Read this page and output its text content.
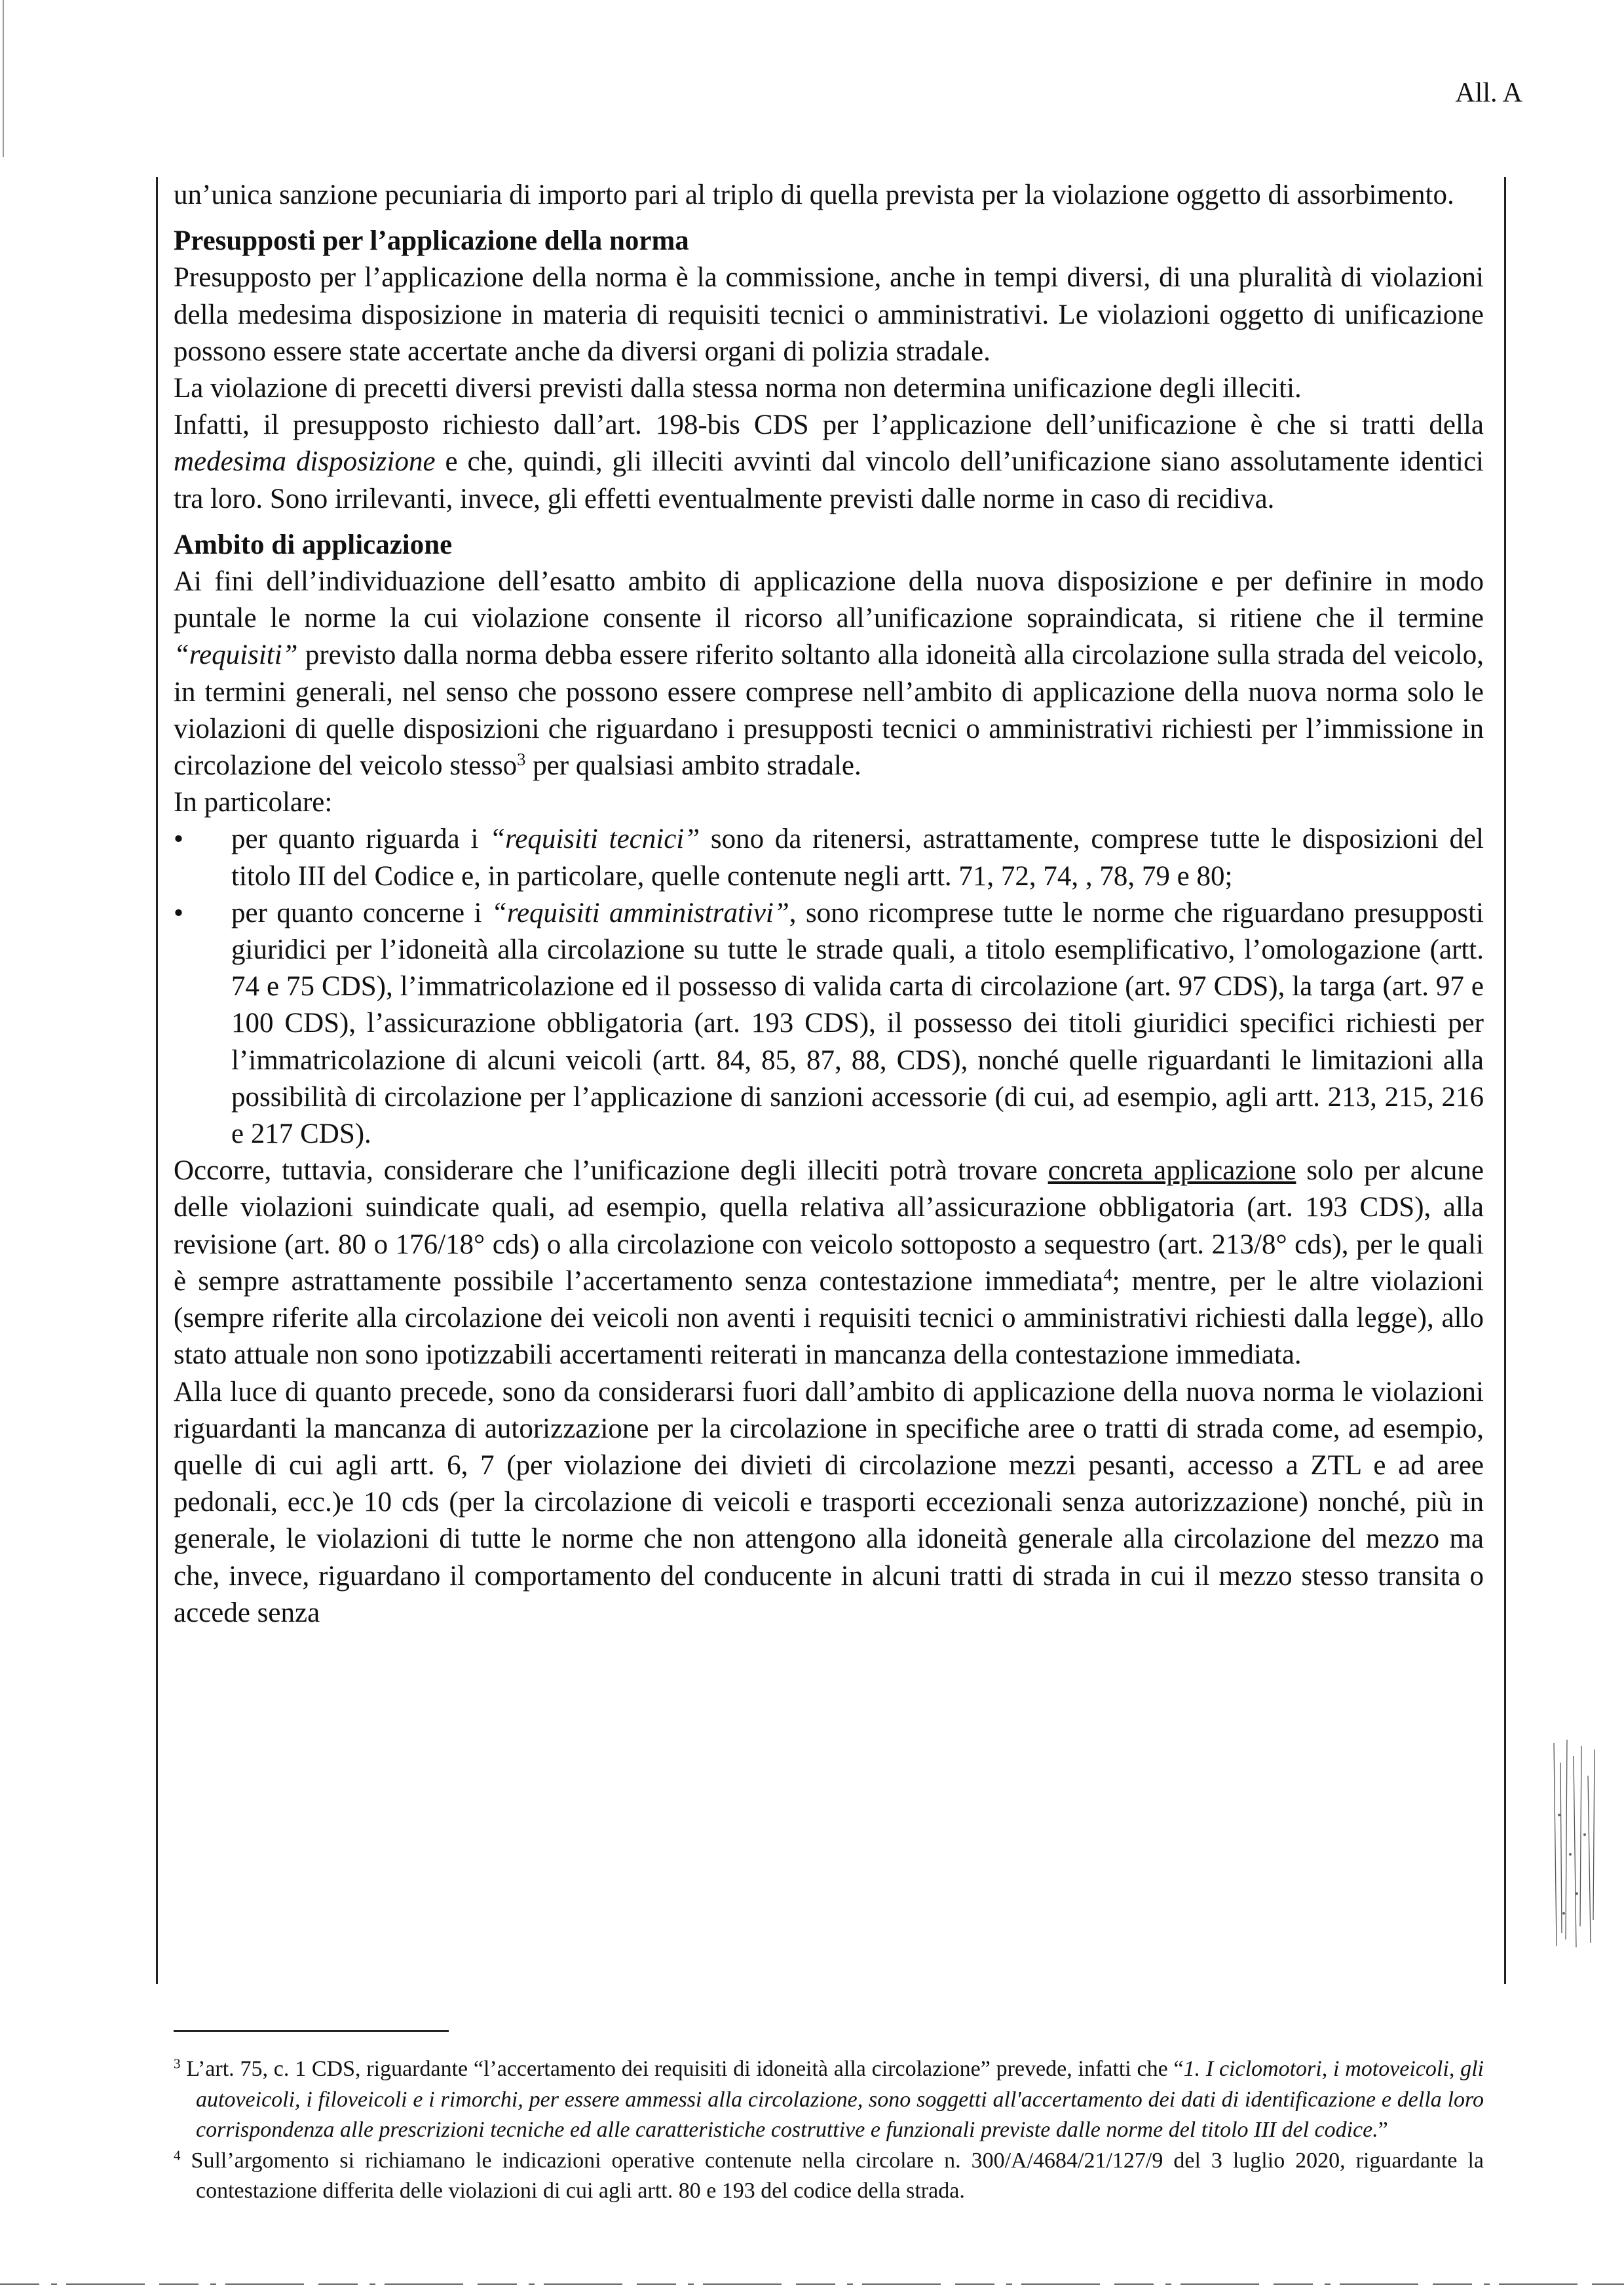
All. A

un’unica sanzione pecuniaria di importo pari al triplo di quella prevista per la violazione oggetto di assorbimento.

Presupposti per l’applicazione della norma

Presupposto per l’applicazione della norma è la commissione, anche in tempi diversi, di una pluralità di violazioni della medesima disposizione in materia di requisiti tecnici o amministrativi. Le violazioni oggetto di unificazione possono essere state accertate anche da diversi organi di polizia stradale.

La violazione di precetti diversi previsti dalla stessa norma non determina unificazione degli illeciti.

Infatti, il presupposto richiesto dall’art. 198-bis CDS per l’applicazione dell’unificazione è che si tratti della medesima disposizione e che, quindi, gli illeciti avvinti dal vincolo dell’unificazione siano assolutamente identici tra loro. Sono irrilevanti, invece, gli effetti eventualmente previsti dalle norme in caso di recidiva.

Ambito di applicazione

Ai fini dell’individuazione dell’esatto ambito di applicazione della nuova disposizione e per definire in modo puntale le norme la cui violazione consente il ricorso all’unificazione sopraindicata, si ritiene che il termine “requisiti” previsto dalla norma debba essere riferito soltanto alla idoneità alla circolazione sulla strada del veicolo, in termini generali, nel senso che possono essere comprese nell’ambito di applicazione della nuova norma solo le violazioni di quelle disposizioni che riguardano i presupposti tecnici o amministrativi richiesti per l’immissione in circolazione del veicolo stesso$^3$ per qualsiasi ambito stradale.

In particolare:

• per quanto riguarda i “requisiti tecnici” sono da ritenersi, astrattamente, comprese tutte le disposizioni del titolo III del Codice e, in particolare, quelle contenute negli artt. 71, 72, 74, , 78, 79 e 80;
• per quanto concerne i “requisiti amministrativi”, sono ricomprese tutte le norme che riguardano presupposti giuridici per l’idoneità alla circolazione su tutte le strade quali, a titolo esemplificativo, l’omologazione (artt. 74 e 75 CDS), l’immatricolazione ed il possesso di valida carta di circolazione (art. 97 CDS), la targa (art. 97 e 100 CDS), l’assicurazione obbligatoria (art. 193 CDS), il possesso dei titoli giuridici specifici richiesti per l’immatricolazione di alcuni veicoli (artt. 84, 85, 87, 88, CDS), nonché quelle riguardanti le limitazioni alla possibilità di circolazione per l’applicazione di sanzioni accessorie (di cui, ad esempio, agli artt. 213, 215, 216 e 217 CDS).

Occorre, tuttavia, considerare che l’unificazione degli illeciti potrà trovare concreta applicazione solo per alcune delle violazioni suindicate quali, ad esempio, quella relativa all’assicurazione obbligatoria (art. 193 CDS), alla revisione (art. 80 o 176/18° cds) o alla circolazione con veicolo sottoposto a sequestro (art. 213/8° cds), per le quali è sempre astrattamente possibile l’accertamento senza contestazione immediata$^4$; mentre, per le altre violazioni (sempre riferite alla circolazione dei veicoli non aventi i requisiti tecnici o amministrativi richiesti dalla legge), allo stato attuale non sono ipotizzabili accertamenti reiterati in mancanza della contestazione immediata.

Alla luce di quanto precede, sono da considerarsi fuori dall’ambito di applicazione della nuova norma le violazioni riguardanti la mancanza di autorizzazione per la circolazione in specifiche aree o tratti di strada come, ad esempio, quelle di cui agli artt. 6, 7 (per violazione dei divieti di circolazione mezzi pesanti, accesso a ZTL e ad aree pedonali, ecc.)e 10 cds (per la circolazione di veicoli e trasporti eccezionali senza autorizzazione) nonché, più in generale, le violazioni di tutte le norme che non attengono alla idoneità generale alla circolazione del mezzo ma che, invece, riguardano il comportamento del conducente in alcuni tratti di strada in cui il mezzo stesso transita o accede senza

$^3$ L’art. 75, c. 1 CDS, riguardante “l’accertamento dei requisiti di idoneità alla circolazione” prevede, infatti che “1. I ciclomotori, i motoveicoli, gli autoveicoli, i filoveicoli e i rimorchi, per essere ammessi alla circolazione, sono soggetti all'accertamento dei dati di identificazione e della loro corrispondenza alle prescrizioni tecniche ed alle caratteristiche costruttive e funzionali previste dalle norme del titolo III del codice.”

$^4$ Sull’argomento si richiamano le indicazioni operative contenute nella circolare n. 300/A/4684/21/127/9 del 3 luglio 2020, riguardante la contestazione differita delle violazioni di cui agli artt. 80 e 193 del codice della strada.
